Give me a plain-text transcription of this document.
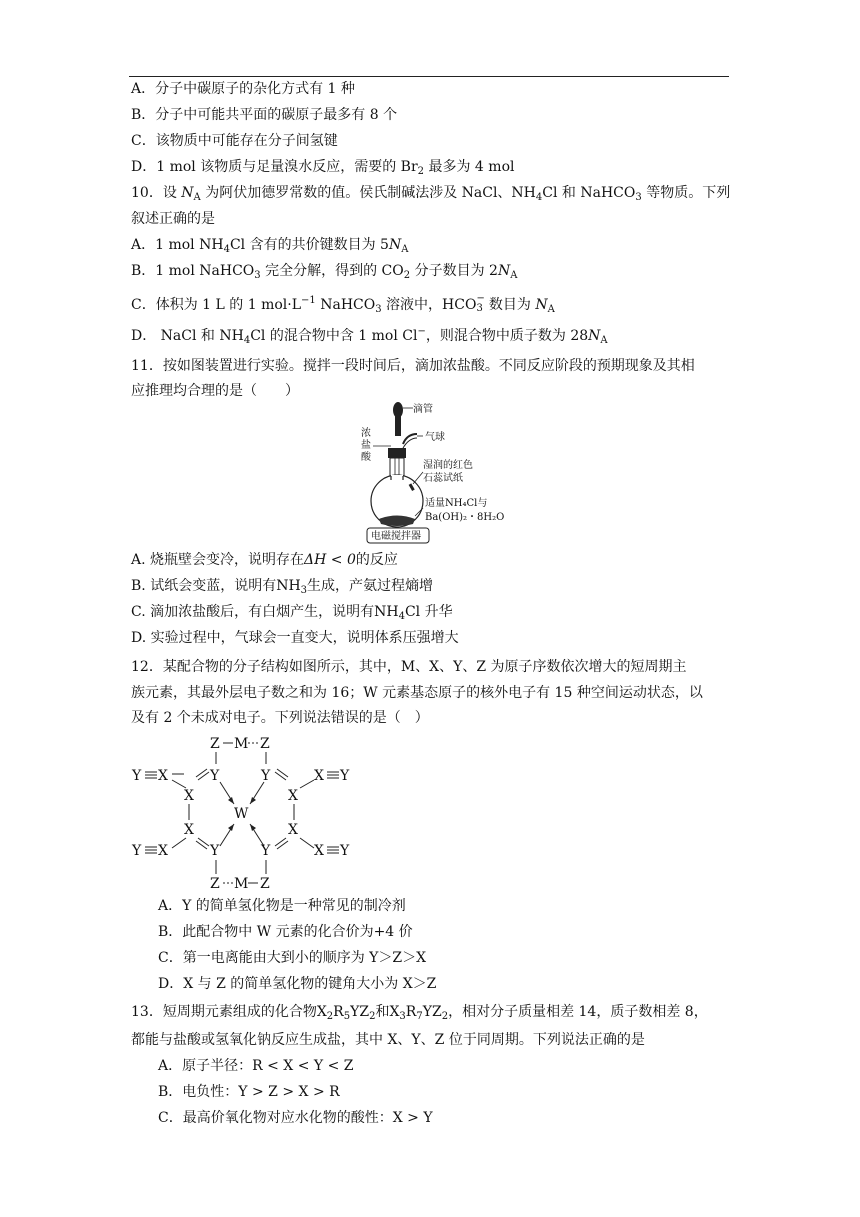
A．分子中碳原子的杂化方式有 1 种
B．分子中可能共平面的碳原子最多有 8 个
C．该物质中可能存在分子间氢键
D．1 mol 该物质与足量溴水反应，需要的 $Br_2$ 最多为 4 mol
10．设 $N_A$ 为阿伏加德罗常数的值。侯氏制碱法涉及 NaCl、$NH_4Cl$ 和 NaHCO$_3$ 等物质。下列
叙述正确的是
A．1 mol $NH_4Cl$ 含有的共价键数目为 $5N_A$
B．1 mol NaHCO$_3$ 完全分解，得到的 $CO_2$ 分子数目为 $2N_A$
C．体积为 1 L 的 1 $mol\cdot L^{-1}$ NaHCO$_3$ 溶液中，HCO −
3 数目为 $N_A$
D． NaCl 和 $NH_4Cl$ 的混合物中含 1 mol Cl−，则混合物中质子数为 $28N_A$
11．按如图装置进行实验。搅拌一段时间后，滴加浓盐酸。不同反应阶段的预期现象及其相
应推理均合理的是（　　）
滴管
浓
盐
酸
气球
湿润的红色
石蕊试纸
适量NH₄Cl与
Ba(OH)₂・8H₂O
电磁搅拌器
A. 烧瓶壁会变冷，说明存在ΔH < 0的反应
B. 试纸会变蓝，说明有$NH_3$生成，产氨过程熵增
C. 滴加浓盐酸后，有白烟产生，说明有$NH_4Cl$ 升华
D. 实验过程中，气球会一直变大，说明体系压强增大
12．某配合物的分子结构如图所示，其中，M、X、Y、Z 为原子序数依次增大的短周期主
族元素，其最外层电子数之和为 16；W 元素基态原子的核外电子有 15 种空间运动状态，以
及有 2 个未成对电子。下列说法错误的是（　）
Z M Z
Y X	Y	Y	X Y
X	X
W
X	X
Y X	Y	Y	X Y
Z M Z
A．Y 的简单氢化物是一种常见的制冷剂
B．此配合物中 W 元素的化合价为+4 价
C．第一电离能由大到小的顺序为 Y＞Z＞X
D．X 与 Z 的简单氢化物的键角大小为 X＞Z
13．短周期元素组成的化合物$X_2R_5YZ_2$和$X_3R_7YZ_2$，相对分子质量相差 14，质子数相差 8，
都能与盐酸或氢氧化钠反应生成盐，其中 X、Y、Z 位于同周期。下列说法正确的是
A．原子半径：R < X < Y < Z
B．电负性：Y > Z > X > R
C．最高价氧化物对应水化物的酸性：X > Y
